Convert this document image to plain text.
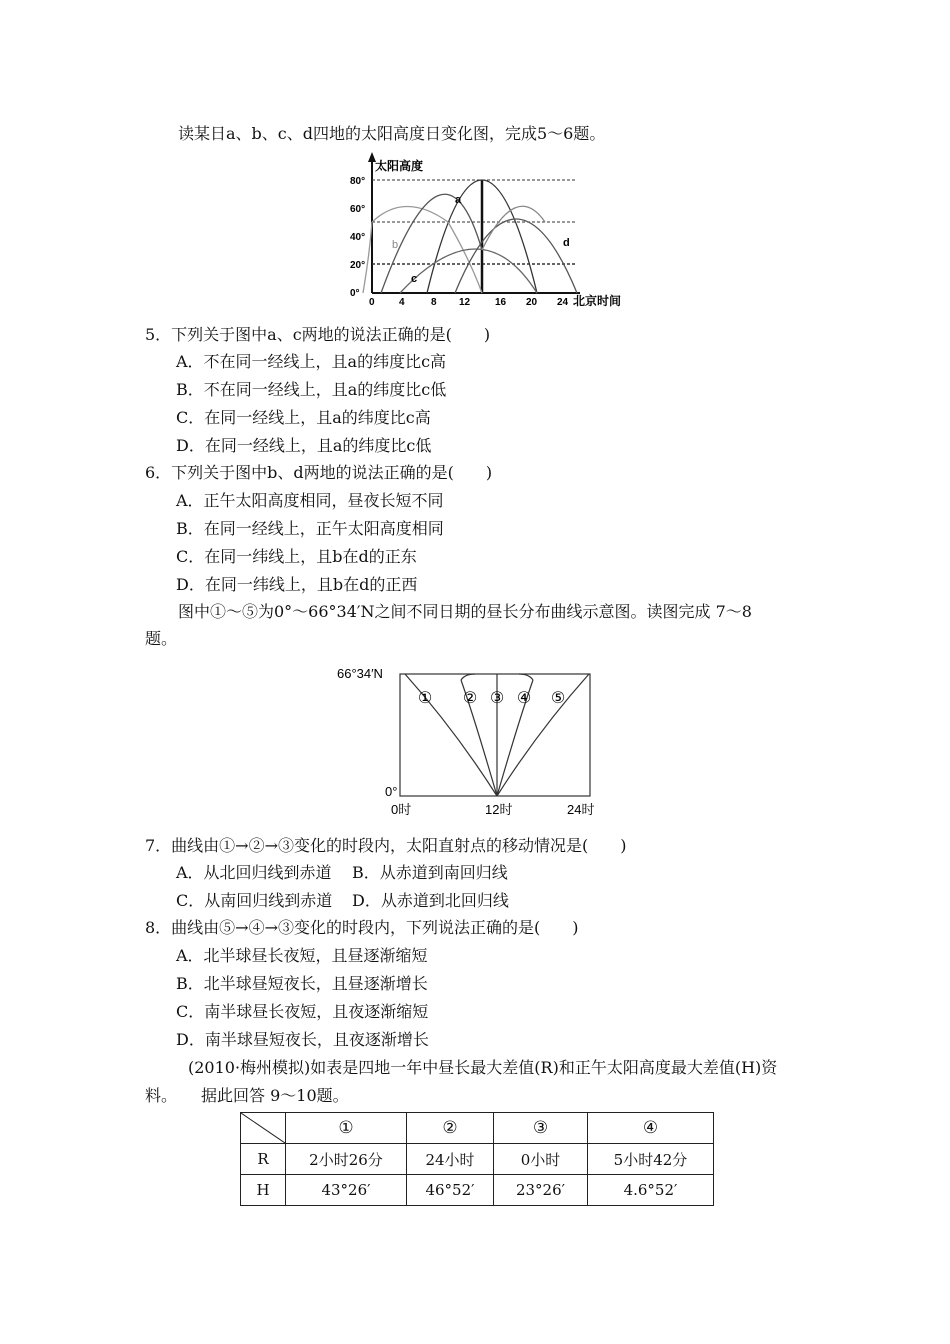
读某日a、b、c、d四地的太阳高度日变化图，完成5～6题。
太阳高度
北京时间
0°
20°
40°
60°
80°
0 4	8 12 16 20 24
a
b
c
d
5．下列关于图中a、c两地的说法正确的是(　　)
A．不在同一经线上，且a的纬度比c高
B．不在同一经线上，且a的纬度比c低
C．在同一经线上，且a的纬度比c高
D．在同一经线上，且a的纬度比c低
6．下列关于图中b、d两地的说法正确的是(　　)
A．正午太阳高度相同，昼夜长短不同
B．在同一经线上，正午太阳高度相同
C．在同一纬线上，且b在d的正东
D．在同一纬线上，且b在d的正西
图中①～⑤为0°～66°34′N之间不同日期的昼长分布曲线示意图。读图完成 7～8
题。
66°34′N
0°
0时	12时	24时
① ② ③ ④ ⑤
7．曲线由①→②→③变化的时段内，太阳直射点的移动情况是(　　)
A．从北回归线到赤道 B．从赤道到南回归线
C．从南回归线到赤道 D．从赤道到北回归线
8．曲线由⑤→④→③变化的时段内，下列说法正确的是(　　)
A．北半球昼长夜短，且昼逐渐缩短
B．北半球昼短夜长，且昼逐渐增长
C．南半球昼长夜短，且夜逐渐缩短
D．南半球昼短夜长，且夜逐渐增长
(2010·梅州模拟)如表是四地一年中昼长最大差值(R)和正午太阳高度最大差值(H)资
料。　　据此回答 9～10题。
	①	②	③	④
R	2小时26分	24小时	0小时	5小时42分
H	43°26′	46°52′	23°26′	4.6°52′
